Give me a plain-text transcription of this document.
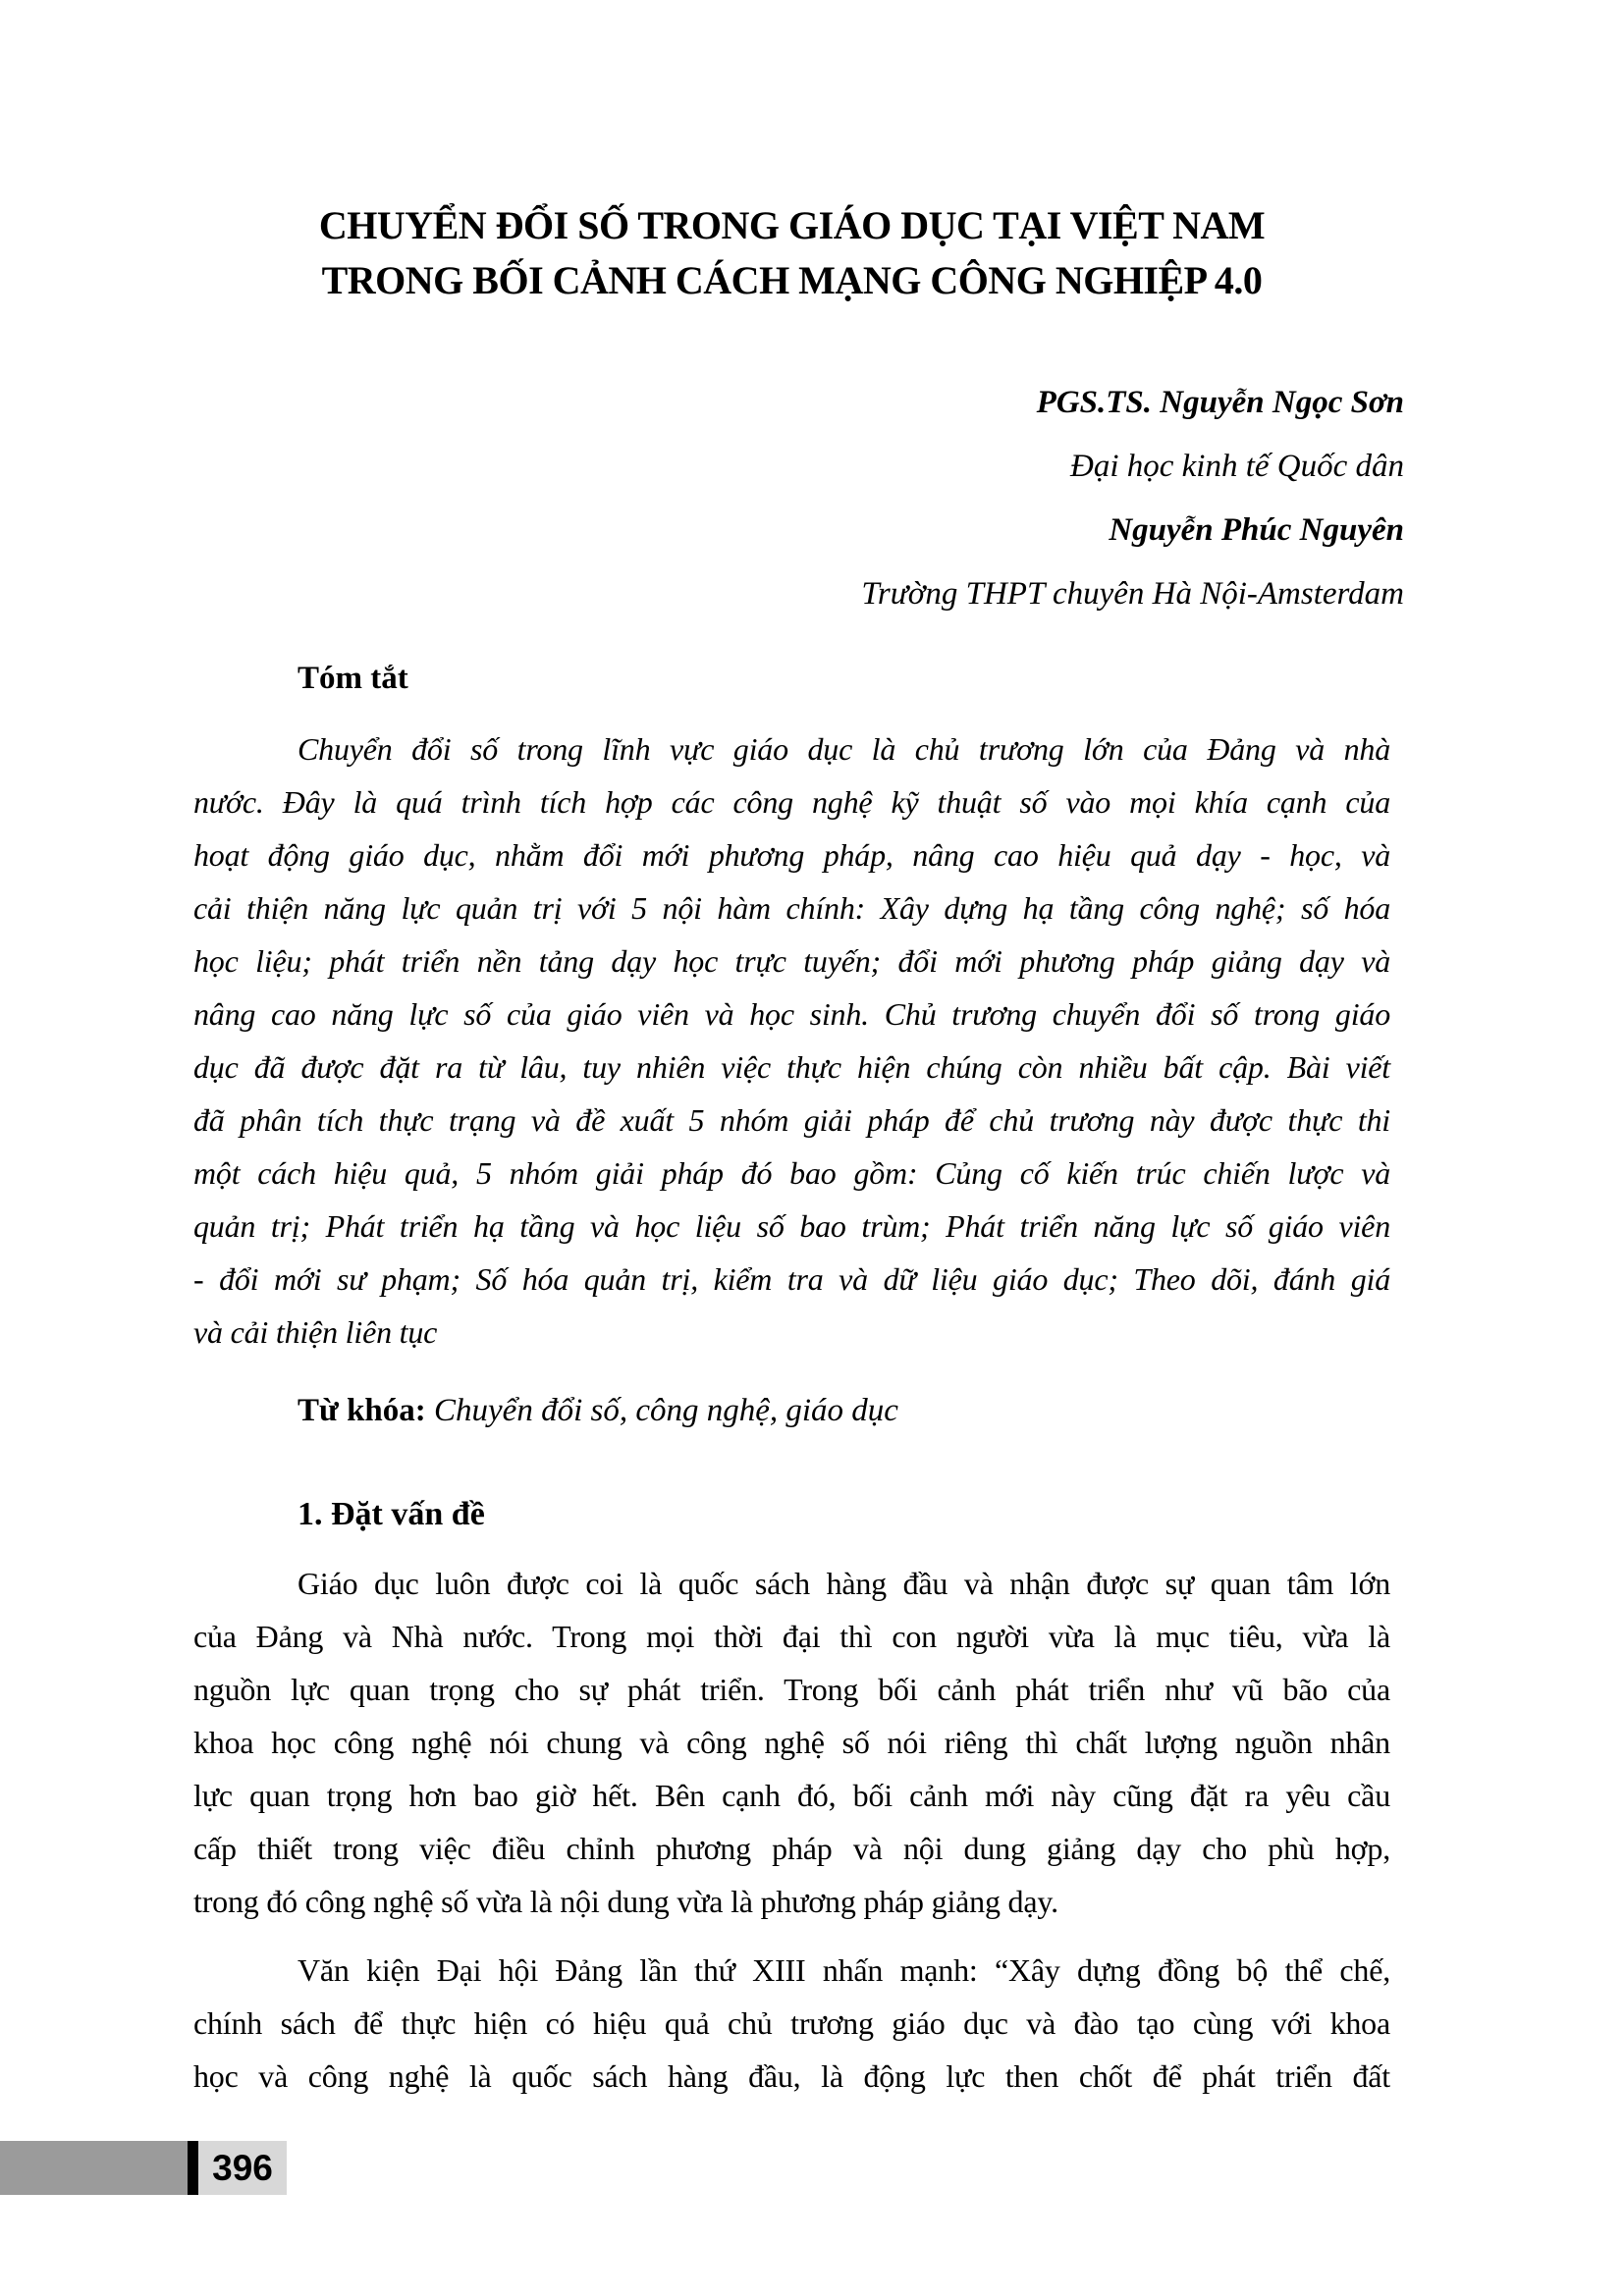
CHUYỂN ĐỔI SỐ TRONG GIÁO DỤC TẠI VIỆT NAM
TRONG BỐI CẢNH CÁCH MẠNG CÔNG NGHIỆP 4.0
PGS.TS. Nguyễn Ngọc Sơn
Đại học kinh tế Quốc dân
Nguyễn Phúc Nguyên
Trường THPT chuyên Hà Nội-Amsterdam
Tóm tắt
Chuyển đổi số trong lĩnh vực giáo dục là chủ trương lớn của Đảng và nhà
nước. Đây là quá trình tích hợp các công nghệ kỹ thuật số vào mọi khía cạnh của
hoạt động giáo dục, nhằm đổi mới phương pháp, nâng cao hiệu quả dạy - học, và
cải thiện năng lực quản trị với 5 nội hàm chính: Xây dựng hạ tầng công nghệ; số hóa
học liệu; phát triển nền tảng dạy học trực tuyến; đổi mới phương pháp giảng dạy và
nâng cao năng lực số của giáo viên và học sinh. Chủ trương chuyển đổi số trong giáo
dục đã được đặt ra từ lâu, tuy nhiên việc thực hiện chúng còn nhiều bất cập. Bài viết
đã phân tích thực trạng và đề xuất 5 nhóm giải pháp để chủ trương này được thực thi
một cách hiệu quả, 5 nhóm giải pháp đó bao gồm: Củng cố kiến trúc chiến lược và
quản trị; Phát triển hạ tầng và học liệu số bao trùm; Phát triển năng lực số giáo viên
- đổi mới sư phạm; Số hóa quản trị, kiểm tra và dữ liệu giáo dục; Theo dõi, đánh giá
và cải thiện liên tục
Từ khóa: Chuyển đổi số, công nghệ, giáo dục
1. Đặt vấn đề
Giáo dục luôn được coi là quốc sách hàng đầu và nhận được sự quan tâm lớn
của Đảng và Nhà nước. Trong mọi thời đại thì con người vừa là mục tiêu, vừa là
nguồn lực quan trọng cho sự phát triển. Trong bối cảnh phát triển như vũ bão của
khoa học công nghệ nói chung và công nghệ số nói riêng thì chất lượng nguồn nhân
lực quan trọng hơn bao giờ hết. Bên cạnh đó, bối cảnh mới này cũng đặt ra yêu cầu
cấp thiết trong việc điều chỉnh phương pháp và nội dung giảng dạy cho phù hợp,
trong đó công nghệ số vừa là nội dung vừa là phương pháp giảng dạy.
Văn kiện Đại hội Đảng lần thứ XIII nhấn mạnh: “Xây dựng đồng bộ thể chế,
chính sách để thực hiện có hiệu quả chủ trương giáo dục và đào tạo cùng với khoa
học và công nghệ là quốc sách hàng đầu, là động lực then chốt để phát triển đất
396
